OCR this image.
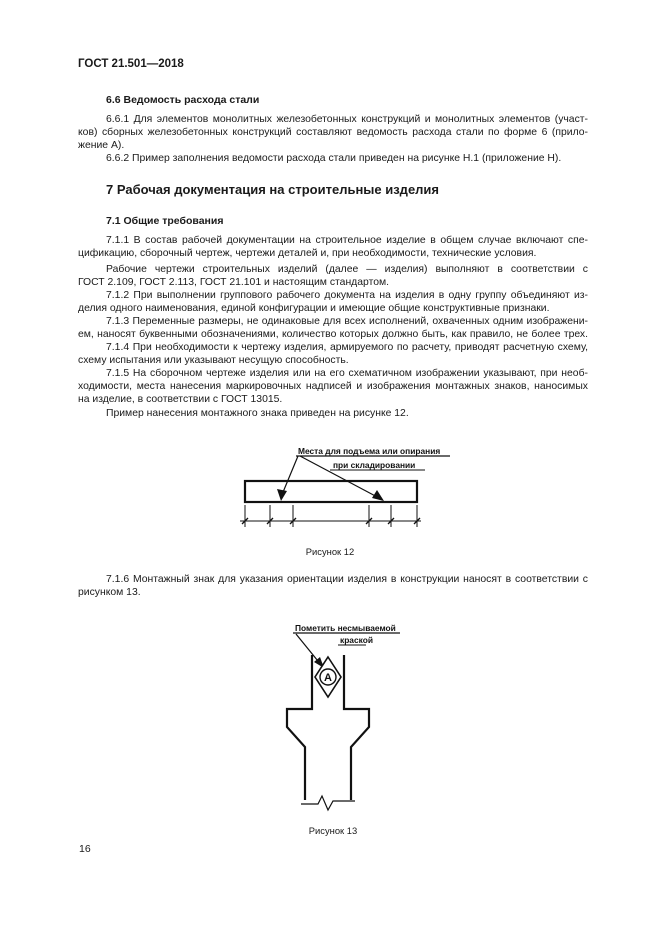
ГОСТ 21.501—2018
6.6 Ведомость расхода стали
6.6.1 Для элементов монолитных железобетонных конструкций и монолитных элементов (участ-
ков) сборных железобетонных конструкций составляют ведомость расхода стали по форме 6 (прило-
жение А).
6.6.2 Пример заполнения ведомости расхода стали приведен на рисунке Н.1 (приложение Н).
7 Рабочая документация на строительные изделия
7.1 Общие требования
7.1.1 В состав рабочей документации на строительное изделие в общем случае включают спе-
цификацию, сборочный чертеж, чертежи деталей и, при необходимости, технические условия.
Рабочие чертежи строительных изделий (далее — изделия) выполняют в соответствии с
ГОСТ 2.109, ГОСТ 2.113, ГОСТ 21.101 и настоящим стандартом.
7.1.2 При выполнении группового рабочего документа на изделия в одну группу объединяют из-
делия одного наименования, единой конфигурации и имеющие общие конструктивные признаки.
7.1.3 Переменные размеры, не одинаковые для всех исполнений, охваченных одним изображени-
ем, наносят буквенными обозначениями, количество которых должно быть, как правило, не более трех.
7.1.4 При необходимости к чертежу изделия, армируемого по расчету, приводят расчетную схему,
схему испытания или указывают несущую способность.
7.1.5 На сборочном чертеже изделия или на его схематичном изображении указывают, при необ-
ходимости, места нанесения маркировочных надписей и изображения монтажных знаков, наносимых
на изделие, в соответствии с ГОСТ 13015.
Пример нанесения монтажного знака приведен на рисунке 12.
Места для подъема или опирания
при складировании
Рисунок 12
7.1.6 Монтажный знак для указания ориентации изделия в конструкции наносят в соответствии с
рисунком 13.
Пометить несмываемой
краской
А
Рисунок 13
16
